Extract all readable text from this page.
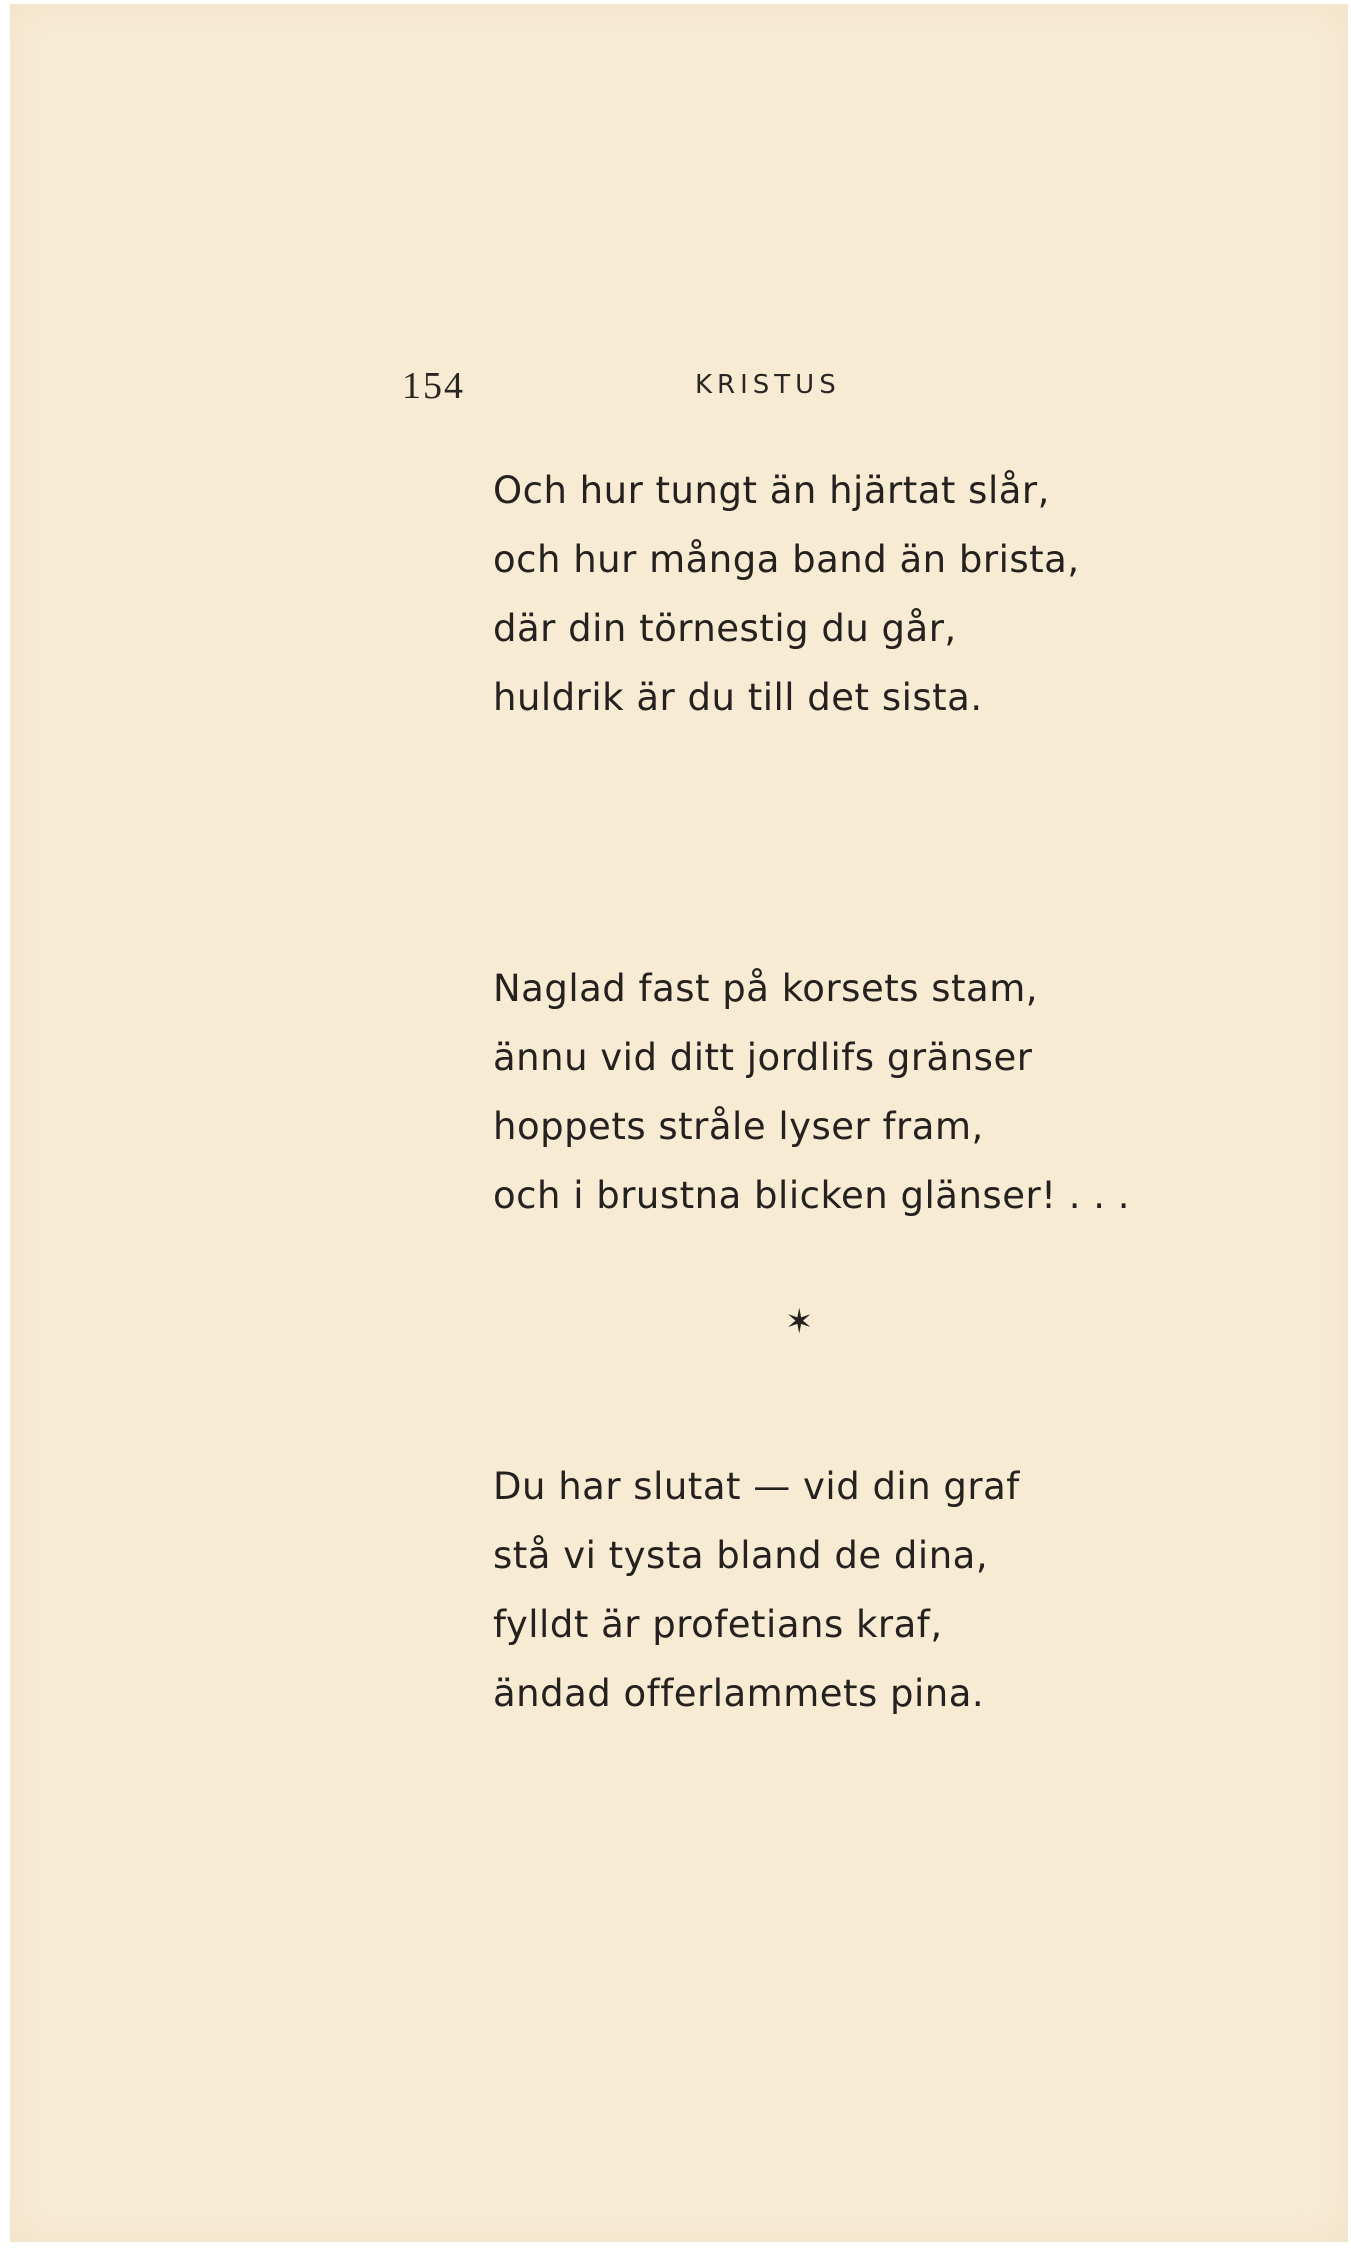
154	KRISTUS
Och hur tungt än hjärtat slår,
och hur många band än brista,
där din törnestig du går,
huldrik är du till det sista.
Naglad fast på korsets stam,
ännu vid ditt jordlifs gränser
hoppets stråle lyser fram,
och i brustna blicken glänser! . . .
✶
Du har slutat — vid din graf
stå vi tysta bland de dina,
fylldt är profetians kraf,
ändad offerlammets pina.
